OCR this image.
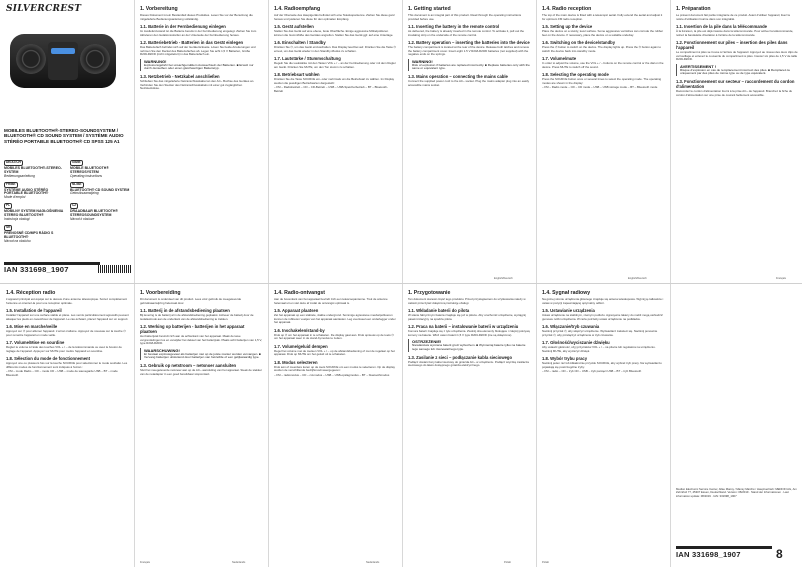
SILVERCREST
MOBILES BLUETOOTH®-STEREO-SOUNDSYSTEM / BLUETOOTH® CD SOUND SYSTEM / SYSTÈME AUDIO STÉRÉO PORTABLE BLUETOOTH® CD SPSS 125 A1
DE/AT/CH
MOBILES BLUETOOTH®-STEREO-SYSTEM
Bedienungsanleitung
GB/IE
MOBILE BLUETOOTH® STEREOSYSTEM
Operating instructions
FR/BE
SYSTÈME AUDIO STÉRÉO PORTABLE BLUETOOTH®
Mode d'emploi
NL/BE
BLUETOOTH® CD SOUND SYSTEM
Gebruiksaanwijzing
PL
MOBILNY SYSTEM NAGŁOŚNIENIA STEREO BLUETOOTH®
Instrukcja obsługi
CZ
DRAADBAAR BLUETOOTH® STEREOSOUNDSYSTEM
Návod k obsluze
SK
PRENOSNÉ CD/MP3 RÁDIO S BLUETOOTH®
Návod na obsluhu
IAN 331698_1907
1. Vorbereitung
Dieses Dokument ist ein Bestandteil dieses Produktes. Lesen Sie vor der Benutzung die mitgelieferte Bedienungsanleitung vollständig.
1.1. Batterie in der Fernbedienung einlegen
Im Auslieferzustand ist die Batterie bereits in der Fernbedienung eingelegt. Ziehen Sie zum Aktivieren den Isolationsstreifen an der Unterseite der Fernbedienung heraus.
1.2. Batteriebetrieb - Batterien in das Gerät einlegen
Das Batteriefach befindet sich auf der Geräterückseite. Lösen Sie beide Arretierungen und nehmen Sie den Deckel des Batteriefaches ab. Legen Sie acht 1,5 V Batterien, Größe R20/LR20/D (nicht mitgeliefert) in das Batteriefach ein.
WARNUNG!
Explosionsgefahr bei unsachgemäßem Auswechseln der Batterien. ■ Ersatz nur durch denselben oder einen gleichwertigen Batterietyp.
1.3. Netzbetrieb - Netzkabel anschließen
Schließen Sie das mitgelieferte Netzanschlusskabel an den AC~ Buchse des Gerätes an. Verbinden Sie den Stecker des Netzanschlusskabels mit einer gut zugänglichen Netzsteckdose.
1.4. Radioempfang
Auf der Oberseite des Hauptgeräts befindet sich eine Teleskopantenne. Ziehen Sie diese ganz heraus und justieren Sie diese für den optimalen Empfang.
1.5. Gerät aufstellen
Stellen Sie das Gerät auf eine ebene, feste Oberfläche. Einige aggressive Möbelpolituren können die Gummifüße des Gerätes angreifen. Stellen Sie das Gerät ggf. auf eine Unterlage.
1.6. Einschalten / Standby
Drücken Sie ⏻, um das Gerät einzuschalten. Das Display leuchtet auf. Drücken Sie die Taste ⏻ erneut, um das Gerät wieder in den Standby-Modus zu schalten.
1.7. Lautstärke / Stummschaltung
Regeln Sie die Lautstärke mit den Tasten VOL + / – an der Fernbedienung oder mit dem Regler am Gerät. Drücken Sie MUTE, um den Ton stumm zu schalten.
1.8. Betriebsart wählen
Drücken Sie die Taste SOURCE ein- oder mehrmals um die Betriebsart zu wählen. Im Display werden die jeweiligen Betriebsarten dargestellt:
– FM – Radiobetrieb – CD – CD-Betrieb – USB – USB-Speicherbetrieb – BT – Bluetooth-Betrieb
1. Getting started
This document is an integral part of this product. Read through the operating instructions provided before use.
1.1. Inserting the battery in the remote control
As delivered, the battery is already inserted in the remote control. To activate it, pull out the insulating strip on the underside of the remote control.
1.2. Battery operation – inserting the batteries into the device
The battery compartment is located at the rear of the device. Release both latches and remove the battery compartment cover. Insert eight 1.5 V R20/LR20/D batteries (not supplied) with the negative ends on the springs.
WARNING!
Risk of explosion if batteries are replaced incorrectly. ■ Replace batteries only with the same or equivalent type.
1.3. Mains operation – connecting the mains cable
Connect the supplied power cord to the AC~ socket. Plug the mains adapter plug into an easily accessible mains socket.
English/Deutsch
1.4. Radio reception
The top of the main device is fitted with a telescopic aerial. Fully extend the aerial and adjust it for optimum FM radio reception.
1.5. Setting up the device
Place the device on a sturdy, level surface. Some aggressive varnishes can corrode the rubber feet on the device. If necessary, place the device on a suitable underlay.
1.6. Switching on the device/standby
Press the ⏻ button to switch on the device. The display lights up. Press the ⏻ button again to switch the device back into standby mode.
1.7. Volume/mute
In order to adjust the volume, use the VOL + / – buttons on the remote control or the dial on the device. Press MUTE to switch off the sound.
1.8. Selecting the operating mode
Press the SOURCE button once or several times to select the operating mode. The operating modes are shown in the display:
– FM – Radio mode – CD – CD mode – USB – USB storage mode – BT – Bluetooth mode
English/Deutsch
1. Préparation
Le présent document fait partie intégrante de ce produit. Avant d'utiliser l'appareil, lisez la notice d'utilisation fournie dans son intégralité.
1.1. Insertion de la pile dans la télécommande
À la livraison, la pile est déjà insérée dans la télécommande. Pour activer la télécommande, retirez la bandelette d'isolation à l'arrière de la télécommande.
1.2. Fonctionnement sur piles – insertion des piles dans l'appareil
Le compartiment à piles se trouve à l'arrière de l'appareil. Appuyez au niveau des deux clips de verrouillage et enlevez le couvercle du compartiment à piles. Insérez six piles de 1,5 V de taille R20/LR20/D.
AVERTISSEMENT !
Risque d'explosion en cas de remplacement incorrect des piles. ■ Remplacez-la uniquement par des piles de même type ou de type équivalent.
1.3. Fonctionnement sur secteur – raccordement du cordon d'alimentation
Raccordez le cordon d'alimentation fourni à la prise AC~ de l'appareil. Branchez la fiche du cordon d'alimentation sur une prise de courant facilement accessible.
Français
1.4. Réception radio
L'appareil principal est équipé sur le dessus d'une antenne télescopique. Sortez complètement l'antenne et orientez-la pour une réception optimale.
1.5. Installation de l'appareil
Installez l'appareil sur une surface stable et plane. Les vernis particulièrement agressifs peuvent attaquer les pieds en caoutchouc de l'appareil. Le cas échéant, placez l'appareil sur un support.
1.6. Mise en marche/veille
Appuyez sur ⏻ pour allumer l'appareil. L'écran s'allume. Appuyez de nouveau sur la touche ⏻ pour remettre l'appareil en mode veille.
1.7. Volume/Mise en sourdine
Réglez le volume à l'aide des touches VOL + / – de la télécommande ou avec le bouton de réglage de l'appareil. Appuyez sur MUTE pour mettre l'appareil en sourdine.
1.8. Sélection du mode de fonctionnement
Appuyez une ou plusieurs fois sur la touche SOURCE pour sélectionner le mode souhaité. Les différents modes de fonctionnement sont indiqués à l'écran :
– FM – mode Radio – CD – mode CD – USB – mode de sauvegarde USB – BT – mode Bluetooth
1. Voorbereiding
Dit document is onderdeel van dit product. Lees vóór gebruik de meegeleverde gebruiksaanwijzing helemaal door.
1.1. Batterij in de afstandsbediening plaatsen
Bij levering is de batterij al in de afstandsbediening geplaatst. Activeer de batterij door de isolatiestrook aan de onderkant van de afstandsbediening te trekken.
1.2. Werking op batterijen - batterijen in het apparaat plaatsen
Het batterijvak bevindt zich aan de achterkant van het apparaat. Maak de twee vergrendelingen los en verwijder het deksel van het batterijvak. Plaats acht batterijen van 1,5 V, type R20/LR20/D.
WAARSCHUWING!
Er bestaat explosiegevaar als batterijen niet op de juiste manier worden vervangen. ■ Vervang batterijen uitsluitend door batterijen van hetzelfde of een gelijkwaardig type.
1.3. Gebruik op netstroom – netsnoer aansluiten
Sluit het meegeleverde netsnoer aan op de AC~ aansluiting van het apparaat. Steek de stekker van de netadapter in een goed bereikbaar stopcontact.
Français	Nederlands
1.4. Radio-ontvangst
Aan de bovenkant van het apparaat bevindt zich een telescoopantenne. Trek de antenne helemaal uit en stel deze af zodat de ontvangst optimaal is.
1.5. Apparaat plaatsen
Zet het apparaat op een stabiele, vlakke ondergrond. Sommige agressieve meubelpolitoeren kunnen de rubberen voetjes van het apparaat aantasten. Leg eventueel een onderlegger onder het apparaat.
1.6. Inschakelen/stand-by
Druk op ⏻ om het apparaat in te schakelen. De display gaat aan. Druk opnieuw op de toets ⏻ om het apparaat weer in de stand-bymodus te zetten.
1.7. Volume/geluid dempen
Regel het volume met de toetsen VOL + / – op de afstandsbediening of met de regelaar op het apparaat. Druk op MUTE om het geluid uit te schakelen.
1.8. Modus selecteren
Druk één of meerdere keren op de toets SOURCE om een modus te selecteren. Op de display worden de verschillende bedrijfsmodi weergegeven:
– FM – radiomodus – CD – cd-modus – USB – USB-opslagmodus – BT – bluetoothmodus
Nederlands
1. Przygotowanie
Ten dokument stanowi część tego produktu. Przed przystąpieniem do użytkowania należy w całości przeczytać dołączoną instrukcję obsługi.
1.1. Wkładanie baterii do pilota
W stanie fabrycznym bateria znajduje się już w pilocie. Aby uruchomić urządzenie, wyciągnij pasek izolacyjny na spodzie pilota.
1.2. Praca na baterii – instalowanie baterii w urządzeniu
Komora baterii znajduje się z tyłu urządzenia. Zwolnij oba elementy blokujące i zdejmij pokrywę komory na baterie. Włóż osiem baterii 1,5 V typu R20/LR20/D (nie są dołączone).
OSTRZEŻENIE!
Niewłaściwa wymiana baterii grozi wybuchem. ■ Wymieniaj baterie tylko na baterie tego samego lub równoważnego typu.
1.3. Zasilanie z sieci – podłączanie kabla sieciowego
Podłącz dostarczony kabel sieciowy do gniazda AC~ w urządzeniu. Podłącz wtyczkę zasilacza sieciowego do łatwo dostępnego gniazda elektrycznego.
Polski
1.4. Sygnał radiowy
Na górnej stronie urządzenia głównego znajduje się antena teleskopowa. Wyjmij ją całkowicie i ustaw w pozycji zapewniającej optymalny odbiór.
1.5. Ustawianie urządzenia
Ustaw urządzenie na stabilnym, równym podłożu. Agresywne lakiery do mebli mogą uszkodzić gumowe nóżki urządzenia. W razie potrzeby ustaw urządzenie na podkładce.
1.6. Włączanie/tryb czuwania
Naciśnij przycisk ⏻, aby włączyć urządzenie. Wyświetlacz zaświeci się. Naciśnij ponownie przycisk ⏻, aby przełączyć urządzenie w tryb czuwania.
1.7. Głośność/wyciszanie dźwięku
Aby ustawić głośność, użyj przycisków VOL + / – na pilocie lub regulatora na urządzeniu. Naciśnij MUTE, aby wyciszyć dźwięk.
1.8. Wybór trybu pracy
Naciśnij jeden raz lub kilkakrotnie przycisk SOURCE, aby wybrać tryb pracy. Na wyświetlaczu pojawiają się poszczególne tryby:
– FM – radio – CD – tryb CD – USB – tryb pamięci USB – BT – tryb Bluetooth
Polski
Medion Electronic Service Center, Allée Mansy / Mansy Marché / Hauptvertrieb: MEDION AG, Am Zehnthof 77, 45307 Essen, Deutschland. Version: 08/2019 · Stand der Informationen · Last information update: 08/2019 · IAN: 331698_1907
IAN 331698_1907	8
